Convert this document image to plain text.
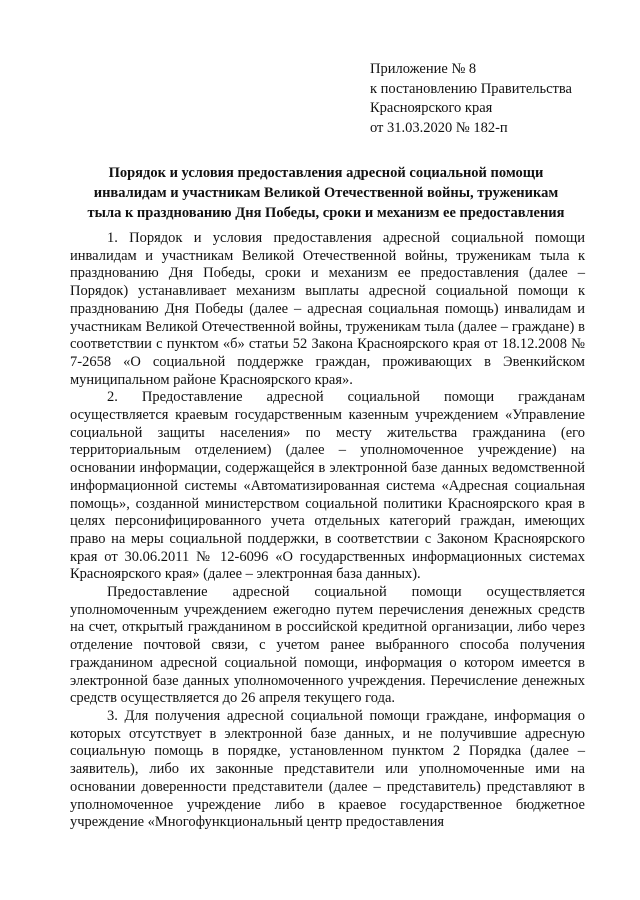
Приложение № 8
к постановлению Правительства
Красноярского края
от 31.03.2020 № 182-п
Порядок и условия предоставления адресной социальной помощи
инвалидам и участникам Великой Отечественной войны, труженикам
тыла к празднованию Дня Победы, сроки и механизм ее предоставления

1. Порядок и условия предоставления адресной социальной помощи инвалидам и участникам Великой Отечественной войны, труженикам тыла к празднованию Дня Победы, сроки и механизм ее предоставления (далее – Порядок) устанавливает механизм выплаты адресной социальной помощи к празднованию Дня Победы (далее – адресная социальная помощь) инвалидам и участникам Великой Отечественной войны, труженикам тыла (далее – граждане) в соответствии с пунктом «б» статьи 52 Закона Красноярского края от 18.12.2008 № 7-2658 «О социальной поддержке граждан, проживающих в Эвенкийском муниципальном районе Красноярского края».

2. Предоставление адресной социальной помощи гражданам осуществляется краевым государственным казенным учреждением «Управление социальной защиты населения» по месту жительства гражданина (его территориальным отделением) (далее – уполномоченное учреждение) на основании информации, содержащейся в электронной базе данных ведомственной информационной системы «Автоматизированная система «Адресная социальная помощь», созданной министерством социальной политики Красноярского края в целях персонифицированного учета отдельных категорий граждан, имеющих право на меры социальной поддержки, в соответствии с Законом Красноярского края от 30.06.2011 № 12-6096 «О государственных информационных системах Красноярского края» (далее – электронная база данных).

Предоставление адресной социальной помощи осуществляется уполномоченным учреждением ежегодно путем перечисления денежных средств на счет, открытый гражданином в российской кредитной организации, либо через отделение почтовой связи, с учетом ранее выбранного способа получения гражданином адресной социальной помощи, информация о котором имеется в электронной базе данных уполномоченного учреждения. Перечисление денежных средств осуществляется до 26 апреля текущего года.

3. Для получения адресной социальной помощи граждане, информация о которых отсутствует в электронной базе данных, и не получившие адресную социальную помощь в порядке, установленном пунктом 2 Порядка (далее – заявитель), либо их законные представители или уполномоченные ими на основании доверенности представители (далее – представитель) представляют в уполномоченное учреждение либо в краевое государственное бюджетное учреждение «Многофункциональный центр предоставления
